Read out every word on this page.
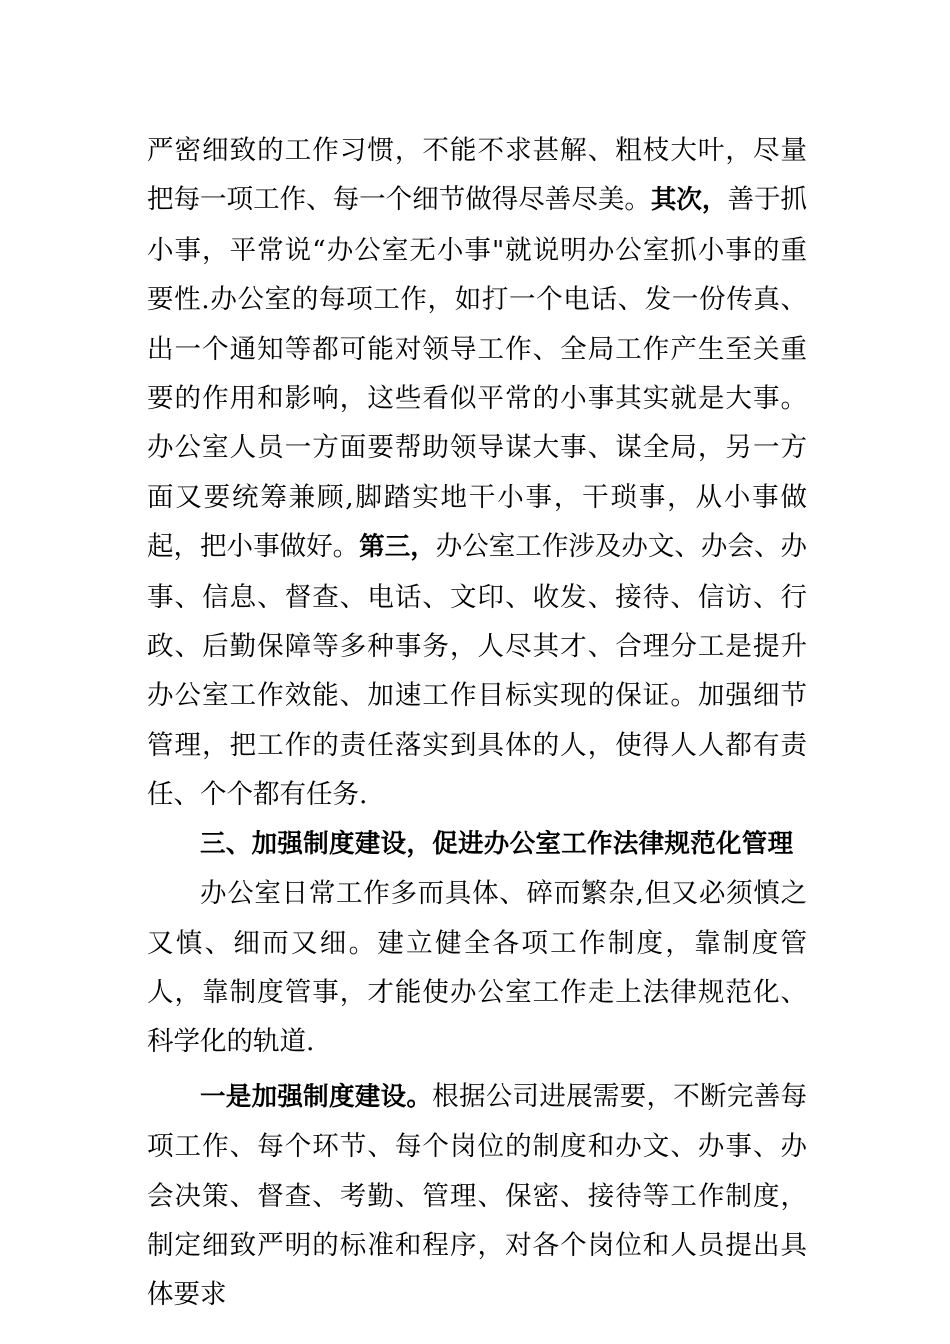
严密细致的工作习惯，不能不求甚解、粗枝大叶，尽量把每一项工作、每一个细节做得尽善尽美。其次，善于抓小事，平常说“办公室无小事"就说明办公室抓小事的重要性.办公室的每项工作，如打一个电话、发一份传真、出一个通知等都可能对领导工作、全局工作产生至关重要的作用和影响，这些看似平常的小事其实就是大事。办公室人员一方面要帮助领导谋大事、谋全局，另一方面又要统筹兼顾,脚踏实地干小事，干琐事，从小事做起，把小事做好。第三，办公室工作涉及办文、办会、办事、信息、督查、电话、文印、收发、接待、信访、行政、后勤保障等多种事务，人尽其才、合理分工是提升办公室工作效能、加速工作目标实现的保证。加强细节管理，把工作的责任落实到具体的人，使得人人都有责任、个个都有任务.

三、加强制度建设，促进办公室工作法律规范化管理

办公室日常工作多而具体、碎而繁杂,但又必须慎之又慎、细而又细。建立健全各项工作制度，靠制度管人，靠制度管事，才能使办公室工作走上法律规范化、科学化的轨道.

一是加强制度建设。根据公司进展需要，不断完善每项工作、每个环节、每个岗位的制度和办文、办事、办会决策、督查、考勤、管理、保密、接待等工作制度，制定细致严明的标准和程序，对各个岗位和人员提出具体要求
